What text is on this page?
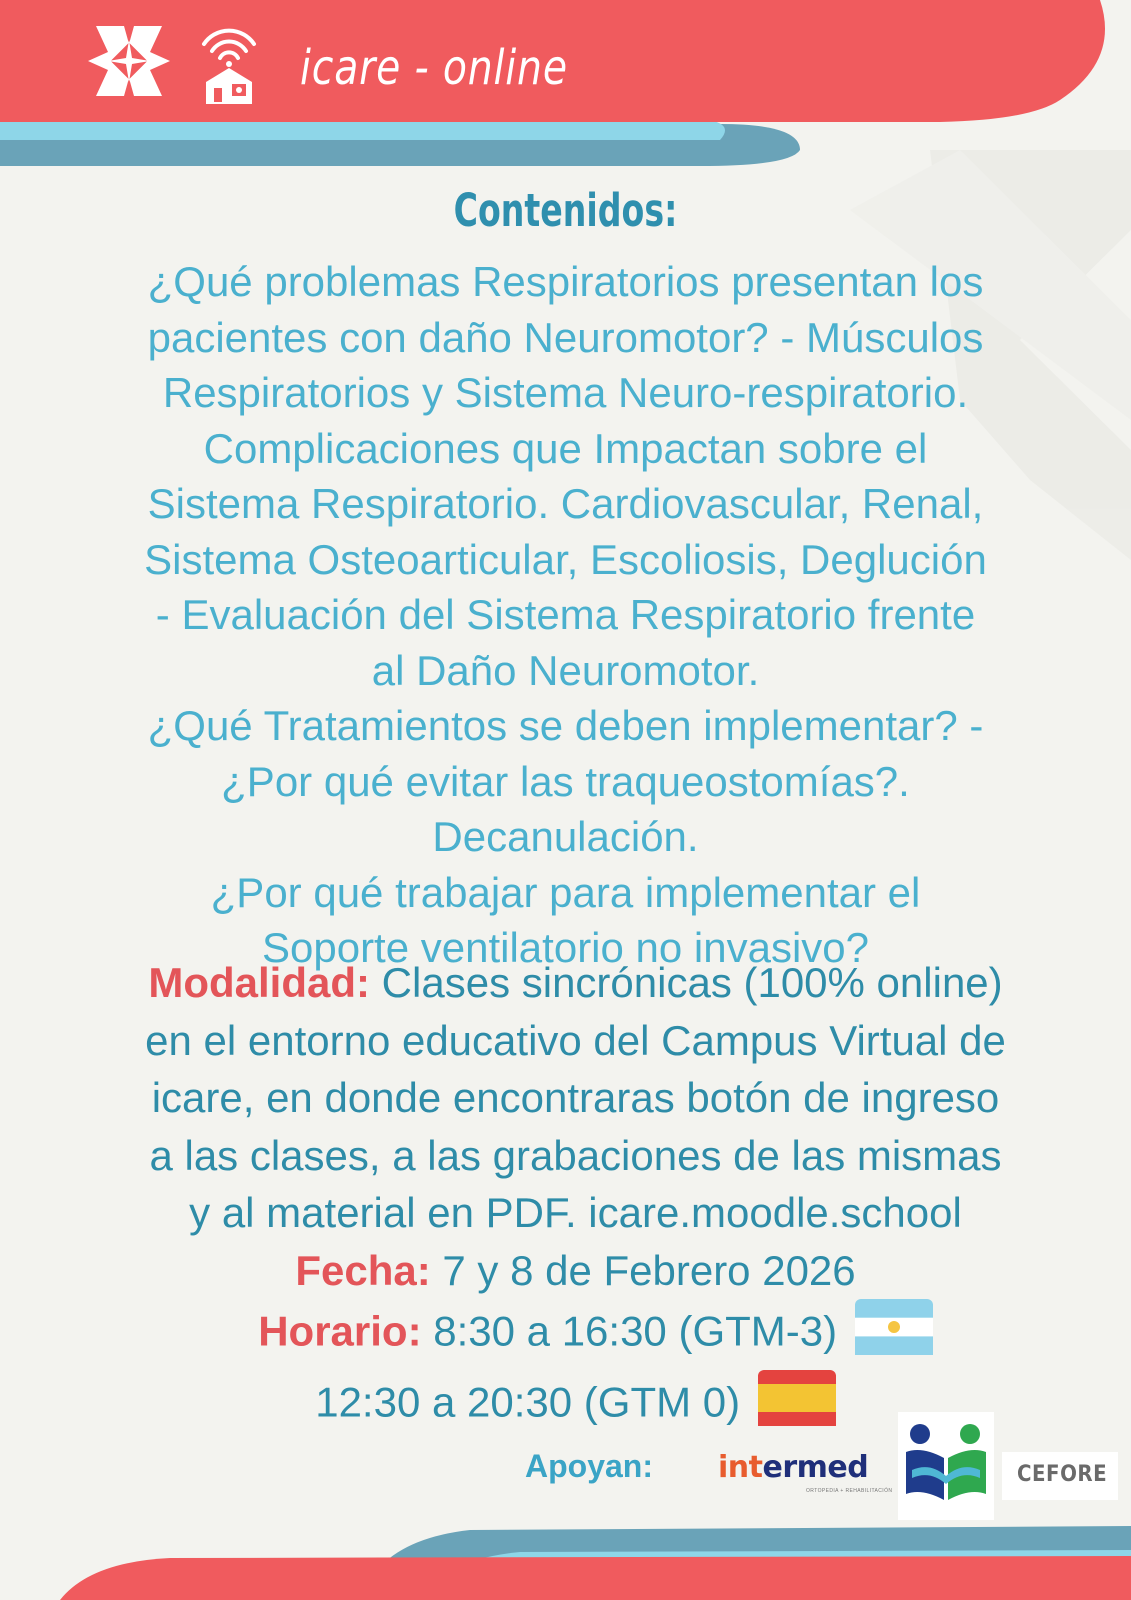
icare - online
Contenidos:
¿Qué problemas Respiratorios presentan los
pacientes con daño Neuromotor? - Músculos
Respiratorios y Sistema Neuro-respiratorio.
Complicaciones que Impactan sobre el
Sistema Respiratorio. Cardiovascular, Renal,
Sistema Osteoarticular, Escoliosis, Deglución
- Evaluación del Sistema Respiratorio frente
al Daño Neuromotor.
¿Qué Tratamientos se deben implementar? -
¿Por qué evitar las traqueostomías?.
Decanulación.
¿Por qué trabajar para implementar el
Soporte ventilatorio no invasivo?
Modalidad: Clases sincrónicas (100% online)
en el entorno educativo del Campus Virtual de
icare, en donde encontraras botón de ingreso
a las clases, a las grabaciones de las mismas
y al material en PDF. icare.moodle.school
Fecha: 7 y 8 de Febrero 2026
Horario: 8:30 a 16:30 (GTM-3)
12:30 a 20:30 (GTM 0)
Apoyan: intermed
ORTOPEDIA + REHABILITACIÓN
CEFORE
